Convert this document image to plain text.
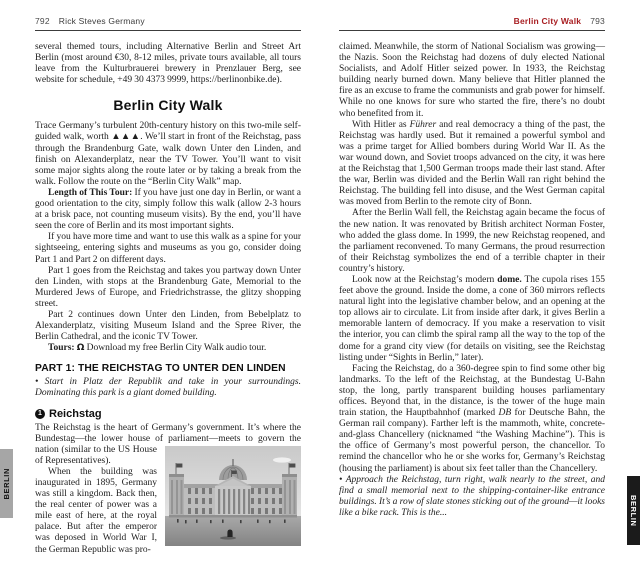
792 Rick Steves Germany

several themed tours, including Alternative Berlin and Street Art Berlin (most around €30, 8-12 miles, private tours available, all tours leave from the Kulturbrauerei brewery in Prenzlauer Berg, see website for schedule, +49 30 4373 9999, https://berlinonbike.de).

Berlin City Walk

Trace Germany’s turbulent 20th-century history on this two-mile self-guided walk, worth ▲▲▲. We’ll start in front of the Reichstag, pass through the Brandenburg Gate, walk down Unter den Linden, and finish on Alexanderplatz, near the TV Tower. You’ll want to visit some major sights along the route later or by taking a break from the walk. Follow the route on the “Berlin City Walk” map.

Length of This Tour: If you have just one day in Berlin, or want a good orientation to the city, simply follow this walk (allow 2-3 hours at a brisk pace, not counting museum visits). By the end, you’ll have seen the core of Berlin and its most important sights.

If you have more time and want to use this walk as a spine for your sightseeing, entering sights and museums as you go, consider doing Part 1 and Part 2 on different days.

Part 1 goes from the Reichstag and takes you partway down Unter den Linden, with stops at the Brandenburg Gate, Memorial to the Murdered Jews of Europe, and Friedrichstrasse, the glitzy shopping street.

Part 2 continues down Unter den Linden, from Bebelplatz to Alexanderplatz, visiting Museum Island and the Spree River, the Berlin Cathedral, and the iconic TV Tower.

Tours: Ω Download my free Berlin City Walk audio tour.

PART 1: THE REICHSTAG TO UNTER DEN LINDEN

• Start in Platz der Republik and take in your surroundings. Dominating this park is a giant domed building.

1 Reichstag

The Reichstag is the heart of Germany’s government. It’s where the Bundestag—the lower house of parliament—meets to govern the
nation (similar to the US House of Representatives).

When the building was inaugurated in 1895, Germany was still a kingdom. Back then, the real center of power was a mile east of here, at the royal palace. But after the emperor was deposed in World War I, the German Republic was pro-

Berlin City Walk 793

claimed. Meanwhile, the storm of National Socialism was growing—the Nazis. Soon the Reichstag had dozens of duly elected National Socialists, and Adolf Hitler seized power. In 1933, the Reichstag building nearly burned down. Many believe that Hitler planned the fire as an excuse to frame the communists and grab power for himself. While no one knows for sure who started the fire, there’s no doubt who benefited from it.

With Hitler as Führer and real democracy a thing of the past, the Reichstag was hardly used. But it remained a powerful symbol and was a prime target for Allied bombers during World War II. As the war wound down, and Soviet troops advanced on the city, it was here at the Reichstag that 1,500 German troops made their last stand. After the war, Berlin was divided and the Berlin Wall ran right behind the Reichstag. The building fell into disuse, and the West German capital was moved from Berlin to the remote city of Bonn.

After the Berlin Wall fell, the Reichstag again became the focus of the new nation. It was renovated by British architect Norman Foster, who added the glass dome. In 1999, the new Reichstag reopened, and the parliament reconvened. To many Germans, the proud resurrection of their Reichstag symbolizes the end of a terrible chapter in their country’s history.

Look now at the Reichstag’s modern dome. The cupola rises 155 feet above the ground. Inside the dome, a cone of 360 mirrors reflects natural light into the legislative chamber below, and an opening at the top allows air to circulate. Lit from inside after dark, it gives Berlin a memorable lantern of democracy. If you make a reservation to visit the interior, you can climb the spiral ramp all the way to the top of the dome for a grand city view (for details on visiting, see the Reichstag listing under “Sights in Berlin,” later).

Facing the Reichstag, do a 360-degree spin to find some other big landmarks. To the left of the Reichstag, at the Bundestag U-Bahn stop, the long, partly transparent building houses parliamentary offices. Beyond that, in the distance, is the tower of the huge main train station, the Hauptbahnhof (marked DB for Deutsche Bahn, the German rail company). Farther left is the mammoth, white, concrete-and-glass Chancellery (nicknamed “the Washing Machine”). This is the office of Germany’s most powerful person, the chancellor. To remind the chancellor who he or she works for, Germany’s Reichstag (housing the parliament) is about six feet taller than the Chancellery.

• Approach the Reichstag, turn right, walk nearly to the street, and find a small memorial next to the shipping-container-like entrance buildings. It’s a row of slate stones sticking out of the ground—it looks like a bike rack. This is the...

BERLIN
BERLIN
